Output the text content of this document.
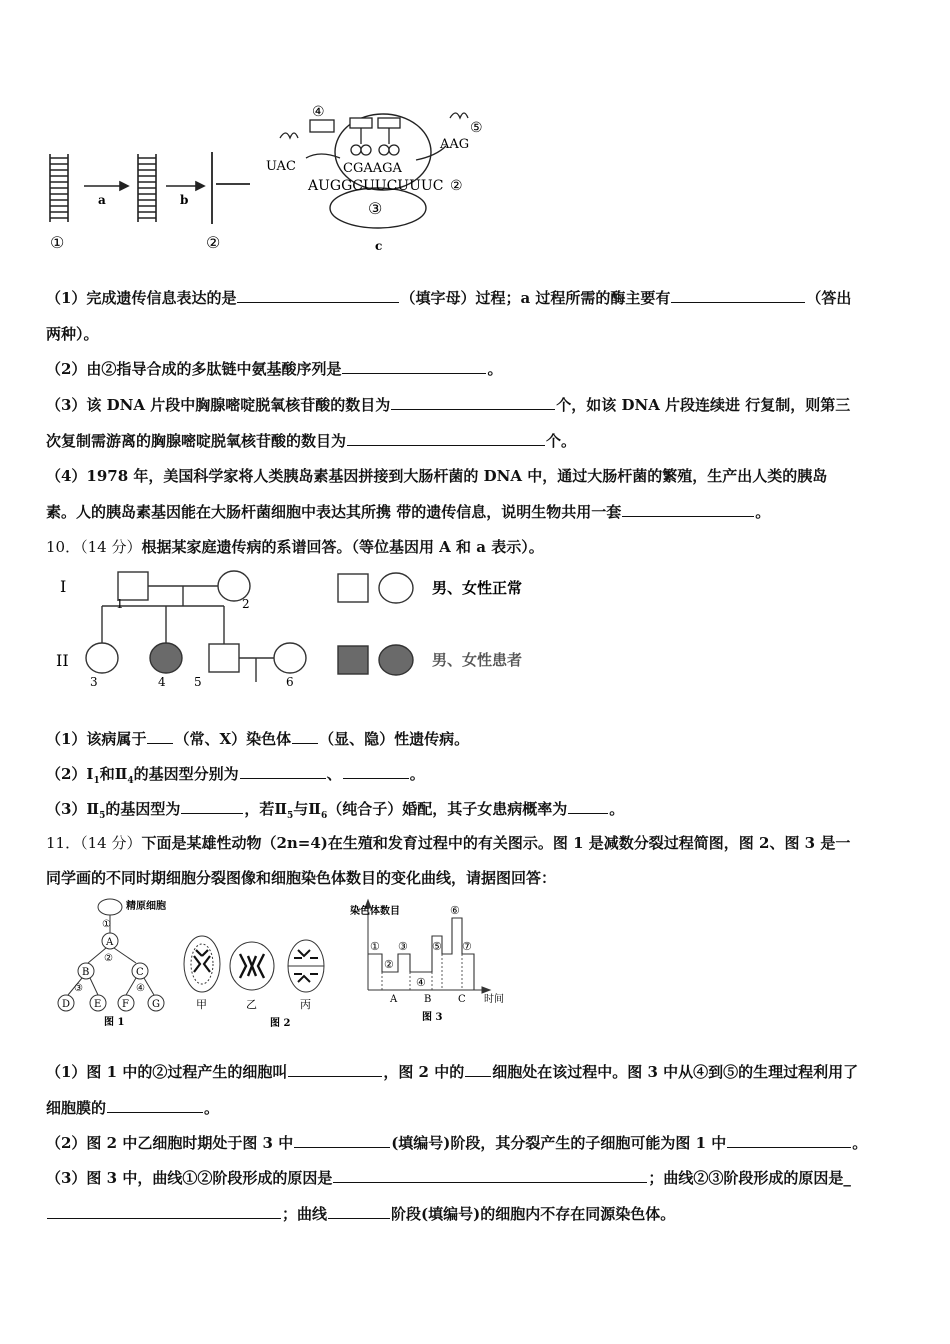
①
a	b
②
④
⑤
UAC
AAG
CGAAGA
AUGGCUUCUUUC ②
③
c
（1）完成遗传信息表达的是	（填字母）过程；a 过程所需的酶主要有	（答出
两种）。
（2）由②指导合成的多肽链中氨基酸序列是	。
（3）该 DNA 片段中胸腺嘧啶脱氧核苷酸的数目为	个，如该 DNA 片段连续进 行复制，则第三
次复制需游离的胸腺嘧啶脱氧核苷酸的数目为	个。
（4）1978 年，美国科学家将人类胰岛素基因拼接到大肠杆菌的 DNA 中，通过大肠杆菌的繁殖，生产出人类的胰岛
素。人的胰岛素基因能在大肠杆菌细胞中表达其所携 带的遗传信息，说明生物共用一套	。
10．（14 分）根据某家庭遗传病的系谱回答。（等位基因用 A 和 a 表示）。
I
II
1	2
3	4 5	6
男、女性正常
男、女性患者
（1）该病属于 （常、X）染色体 （显、隐）性遗传病。
$(2)Ⅰ_1$和$Ⅱ_4$的基因型分别为	、	。
$(3)Ⅱ_5$的基因型为	，若$Ⅱ_5$与$Ⅱ_6$（纯合子）婚配，其子女患病概率为	。
11．（14 分）下面是某雄性动物（2n=4)在生殖和发育过程中的有关图示。图 1 是减数分裂过程简图，图 2、图 3 是一
同学画的不同时期细胞分裂图像和细胞染色体数目的变化曲线，请据图回答：
精原细胞
①
A
②
B	C
③	④
D E F G
图 1
甲	乙	丙
图 2
染色体数目
①
②
③
④
⑤
⑥
⑦
A	B	C 时间
图 3
（1）图 1 中的②过程产生的细胞叫	，图 2 中的 细胞处在该过程中。图 3 中从④到⑤的生理过程利用了
细胞膜的	。
（2）图 2 中乙细胞时期处于图 3 中	(填编号)阶段，其分裂产生的子细胞可能为图 1 中	。
（3）图 3 中，曲线①②阶段形成的原因是	；曲线②③阶段形成的原因是_
；曲线	阶段(填编号)的细胞内不存在同源染色体。
